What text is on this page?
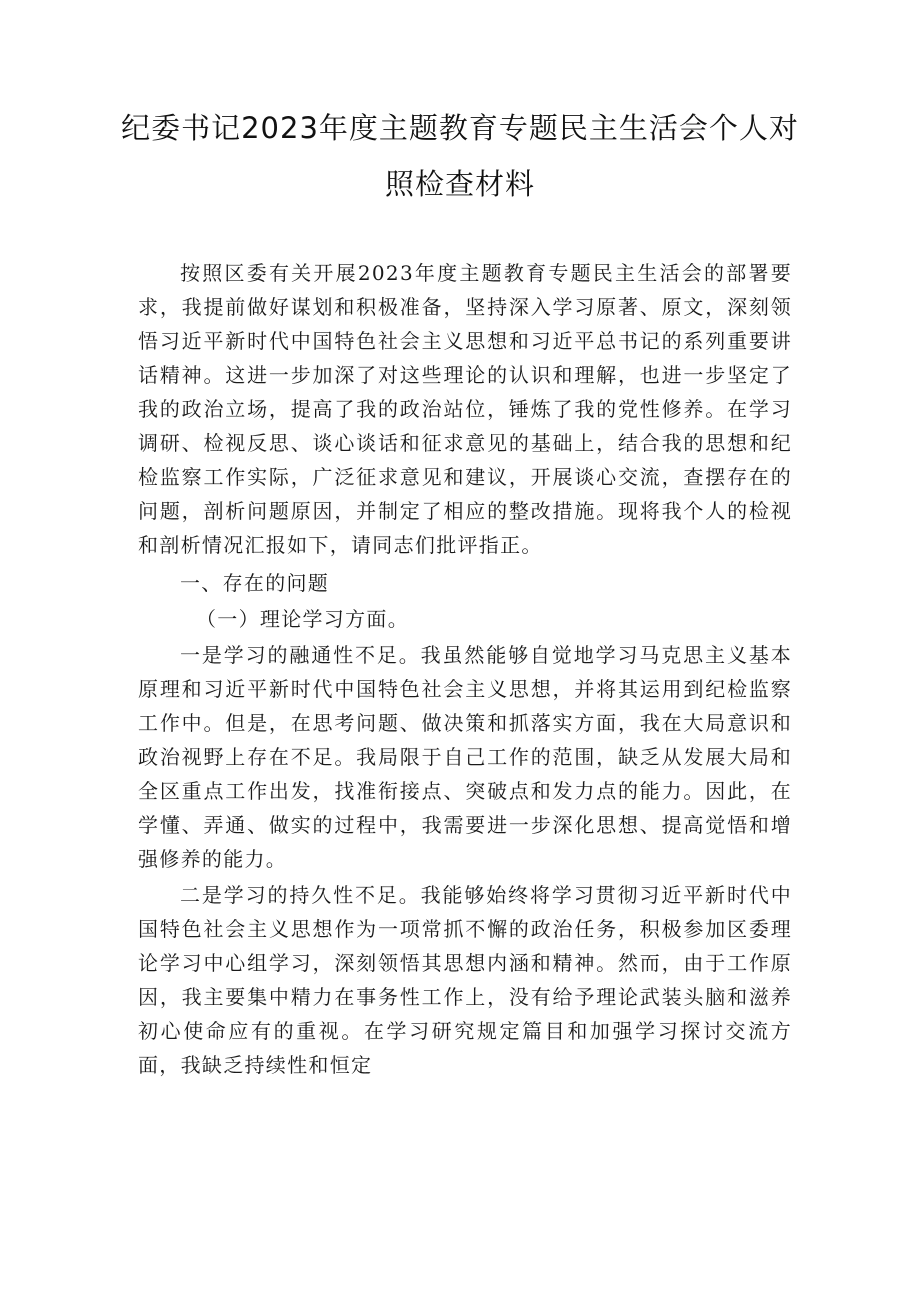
纪委书记2023年度主题教育专题民主生活会个人对
照检查材料

按照区委有关开展2023年度主题教育专题民主生活会的部署要求，我提前做好谋划和积极准备，坚持深入学习原著、原文，深刻领悟习近平新时代中国特色社会主义思想和习近平总书记的系列重要讲话精神。这进一步加深了对这些理论的认识和理解，也进一步坚定了我的政治立场，提高了我的政治站位，锤炼了我的党性修养。在学习调研、检视反思、谈心谈话和征求意见的基础上，结合我的思想和纪检监察工作实际，广泛征求意见和建议，开展谈心交流，查摆存在的问题，剖析问题原因，并制定了相应的整改措施。现将我个人的检视和剖析情况汇报如下，请同志们批评指正。

一、存在的问题

（一）理论学习方面。

一是学习的融通性不足。我虽然能够自觉地学习马克思主义基本原理和习近平新时代中国特色社会主义思想，并将其运用到纪检监察工作中。但是，在思考问题、做决策和抓落实方面，我在大局意识和政治视野上存在不足。我局限于自己工作的范围，缺乏从发展大局和全区重点工作出发，找准衔接点、突破点和发力点的能力。因此，在学懂、弄通、做实的过程中，我需要进一步深化思想、提高觉悟和增强修养的能力。

二是学习的持久性不足。我能够始终将学习贯彻习近平新时代中国特色社会主义思想作为一项常抓不懈的政治任务，积极参加区委理论学习中心组学习，深刻领悟其思想内涵和精神。然而，由于工作原因，我主要集中精力在事务性工作上，没有给予理论武装头脑和滋养初心使命应有的重视。在学习研究规定篇目和加强学习探讨交流方面，我缺乏持续性和恒定
